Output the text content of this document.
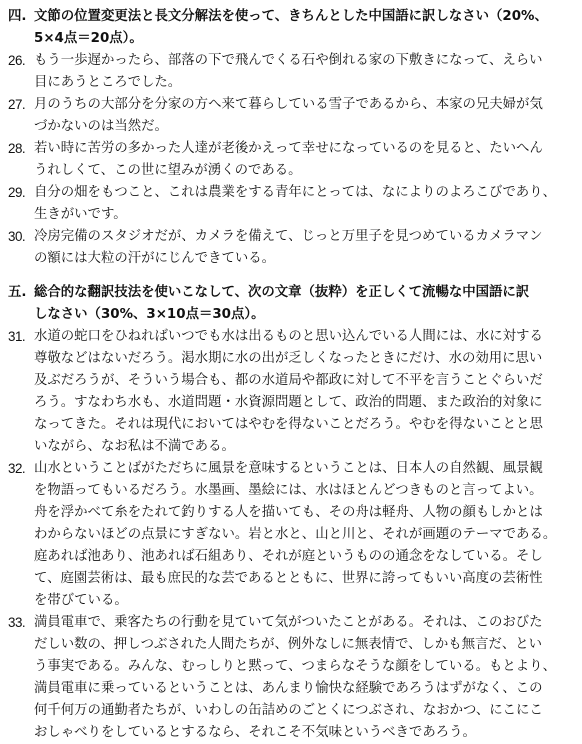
四. 文節の位置変更法と長文分解法を使って、きちんとした中国語に訳しなさい（20%、
5×4点＝20点）。
26. もう一歩遅かったら、部落の下で飛んでくる石や倒れる家の下敷きになって、えらい
目にあうところでした。
27. 月のうちの大部分を分家の方へ来て暮らしている雪子であるから、本家の兄夫婦が気
づかないのは当然だ。
28. 若い時に苦労の多かった人達が老後かえって幸せになっているのを見ると、たいへん
うれしくて、この世に望みが湧くのである。
29. 自分の畑をもつこと、これは農業をする青年にとっては、なによりのよろこびであり、
生きがいです。
30. 冷房完備のスタジオだが、カメラを備えて、じっと万里子を見つめているカメラマン
の額には大粒の汗がにじんできている。
五. 総合的な翻訳技法を使いこなして、次の文章（抜粋）を正しくて流暢な中国語に訳
しなさい（30%、3×10点＝30点）。
31. 水道の蛇口をひねればいつでも水は出るものと思い込んでいる人間には、水に対する
尊敬などはないだろう。渇水期に水の出が乏しくなったときにだけ、水の効用に思い
及ぶだろうが、そういう場合も、都の水道局や都政に対して不平を言うことぐらいだ
ろう。すなわち水も、水道問題・水資源問題として、政治的問題、また政治的対象に
なってきた。それは現代においてはやむを得ないことだろう。やむを得ないことと思
いながら、なお私は不満である。
32. 山水ということばがただちに風景を意味するということは、日本人の自然観、風景観
を物語ってもいるだろう。水墨画、墨絵には、水はほとんどつきものと言ってよい。
舟を浮かべて糸をたれて釣りする人を描いても、その舟は軽舟、人物の顔もしかとは
わからないほどの点景にすぎない。岩と水と、山と川と、それが画題のテーマである。
庭あれば池あり、池あれば石組あり、それが庭というものの通念をなしている。そし
て、庭園芸術は、最も庶民的な芸であるとともに、世界に誇ってもいい高度の芸術性
を帯びている。
33. 満員電車で、乗客たちの行動を見ていて気がついたことがある。それは、このおびた
だしい数の、押しつぶされた人間たちが、例外なしに無表情で、しかも無言だ、とい
う事実である。みんな、むっしりと黙って、つまらなそうな顔をしている。もとより、
満員電車に乗っているということは、あんまり愉快な経験であろうはずがなく、この
何千何万の通勤者たちが、いわしの缶詰めのごとくにつぶされ、なおかつ、にこにこ
おしゃべりをしているとするなら、それこそ不気味というべきであろう。
